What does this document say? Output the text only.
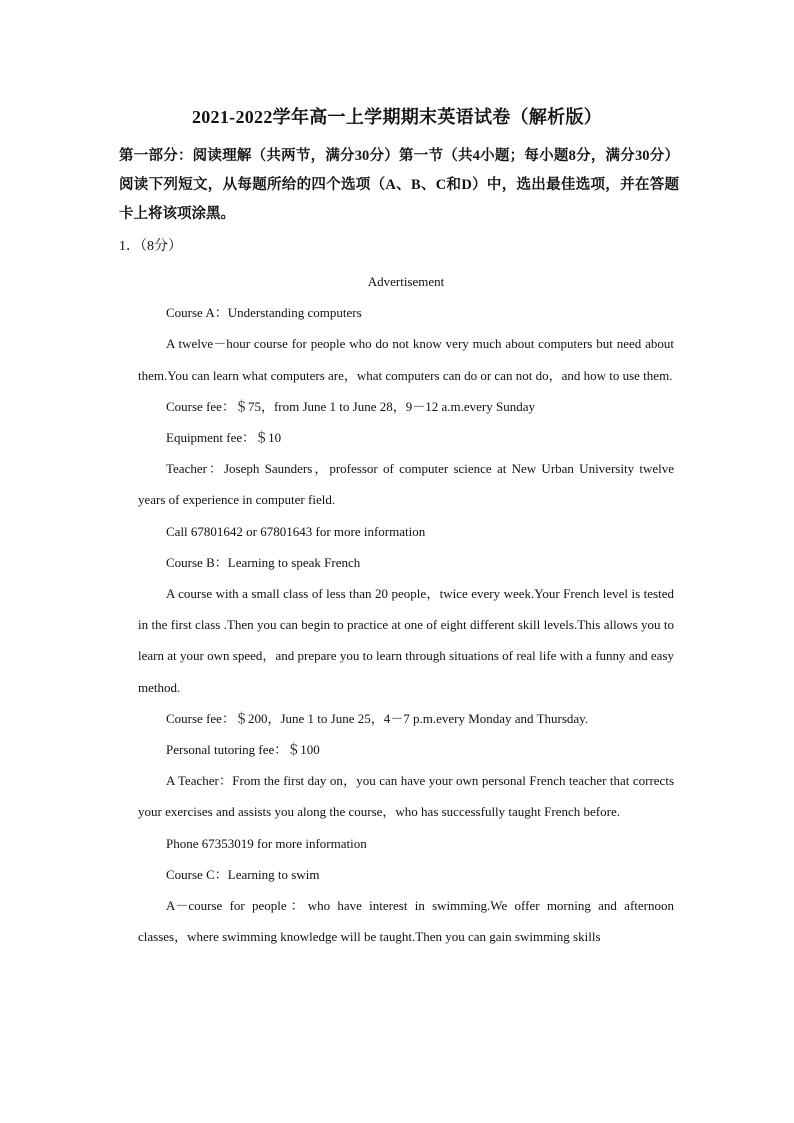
2021-2022学年高一上学期期末英语试卷（解析版）
第一部分：阅读理解（共两节，满分30分）第一节（共4小题；每小题8分，满分30分）阅读下列短文，从每题所给的四个选项（A、B、C和D）中，选出最佳选项，并在答题卡上将该项涂黑。
1．（8分）

Advertisement

Course A：Understanding computers

A twelve－hour course for people who do not know very much about computers but need about them.You can learn what computers are，what computers can do or can not do，and how to use them.

Course fee：＄75，from June 1 to June 28，9－12 a.m.every Sunday

Equipment fee：＄10

Teacher：Joseph Saunders，professor of computer science at New Urban University twelve years of experience in computer field.

Call 67801642 or 67801643 for more information

Course B：Learning to speak French

A course with a small class of less than 20 people，twice every week.Your French level is tested in the first class .Then you can begin to practice at one of eight different skill levels.This allows you to learn at your own speed，and prepare you to learn through situations of real life with a funny and easy method.

Course fee：＄200，June 1 to June 25，4－7 p.m.every Monday and Thursday.

Personal tutoring fee：＄100

A Teacher：From the first day on，you can have your own personal French teacher that corrects your exercises and assists you along the course，who has successfully taught French before.

Phone 67353019 for more information

Course C：Learning to swim

A－course for people：who have interest in swimming.We offer morning and afternoon classes，where swimming knowledge will be taught.Then you can gain swimming skills
